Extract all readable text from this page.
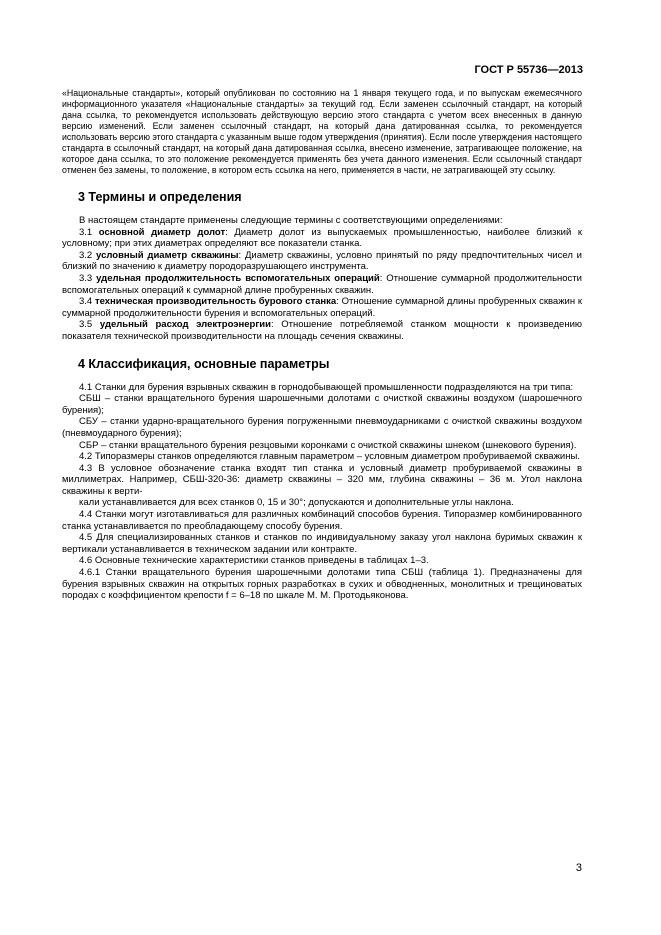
ГОСТ Р 55736—2013

«Национальные стандарты», который опубликован по состоянию на 1 января текущего года, и по выпускам ежемесячного информационного указателя «Национальные стандарты» за текущий год. Если заменен ссылочный стандарт, на который дана ссылка, то рекомендуется использовать действующую версию этого стандарта с учетом всех внесенных в данную версию изменений. Если заменен ссылочный стандарт, на который дана датированная ссылка, то рекомендуется использовать версию этого стандарта с указанным выше годом утверждения (принятия). Если после утверждения настоящего стандарта в ссылочный стандарт, на который дана датированная ссылка, внесено изменение, затрагивающее положение, на которое дана ссылка, то это положение рекомендуется применять без учета данного изменения. Если ссылочный стандарт отменен без замены, то положение, в котором есть ссылка на него, применяется в части, не затрагивающей эту ссылку.

3 Термины и определения

В настоящем стандарте применены следующие термины с соответствующими определениями:

3.1 основной диаметр долот: Диаметр долот из выпускаемых промышленностью, наиболее близкий к условному; при этих диаметрах определяют все показатели станка.

3.2 условный диаметр скважины: Диаметр скважины, условно принятый по ряду предпочтительных чисел и близкий по значению к диаметру породоразрушающего инструмента.

3.3 удельная продолжительность вспомогательных операций: Отношение суммарной продолжительности вспомогательных операций к суммарной длине пробуренных скважин.

3.4 техническая производительность бурового станка: Отношение суммарной длины пробуренных скважин к суммарной продолжительности бурения и вспомогательных операций.

3.5 удельный расход электроэнергии: Отношение потребляемой станком мощности к произведению показателя технической производительности на площадь сечения скважины.

4 Классификация, основные параметры

4.1 Станки для бурения взрывных скважин в горнодобывающей промышленности подразделяются на три типа:

СБШ – станки вращательного бурения шарошечными долотами с очисткой скважины воздухом (шарошечного бурения);

СБУ – станки ударно-вращательного бурения погруженными пневмоударниками с очисткой скважины воздухом (пневмоударного бурения);

СБР – станки вращательного бурения резцовыми коронками с очисткой скважины шнеком (шнекового бурения).

4.2 Типоразмеры станков определяются главным параметром – условным диаметром пробуриваемой скважины.

4.3 В условное обозначение станка входят тип станка и условный диаметр пробуриваемой скважины в миллиметрах. Например, СБШ-320-36: диаметр скважины – 320 мм, глубина скважины – 36 м. Угол наклона скважины к верти-

кали устанавливается для всех станков 0, 15 и 30°; допускаются и дополнительные углы наклона.

4.4 Станки могут изготавливаться для различных комбинаций способов бурения. Типоразмер комбинированного станка устанавливается по преобладающему способу бурения.

4.5 Для специализированных станков и станков по индивидуальному заказу угол наклона буримых скважин к вертикали устанавливается в техническом задании или контракте.

4.6 Основные технические характеристики станков приведены в таблицах 1–3.

4.6.1 Станки вращательного бурения шарошечными долотами типа СБШ (таблица 1). Предназначены для бурения взрывных скважин на открытых горных разработках в сухих и обводненных, монолитных и трещиноватых породах с коэффициентом крепости f = 6–18 по шкале М. М. Протодьяконова.

3
